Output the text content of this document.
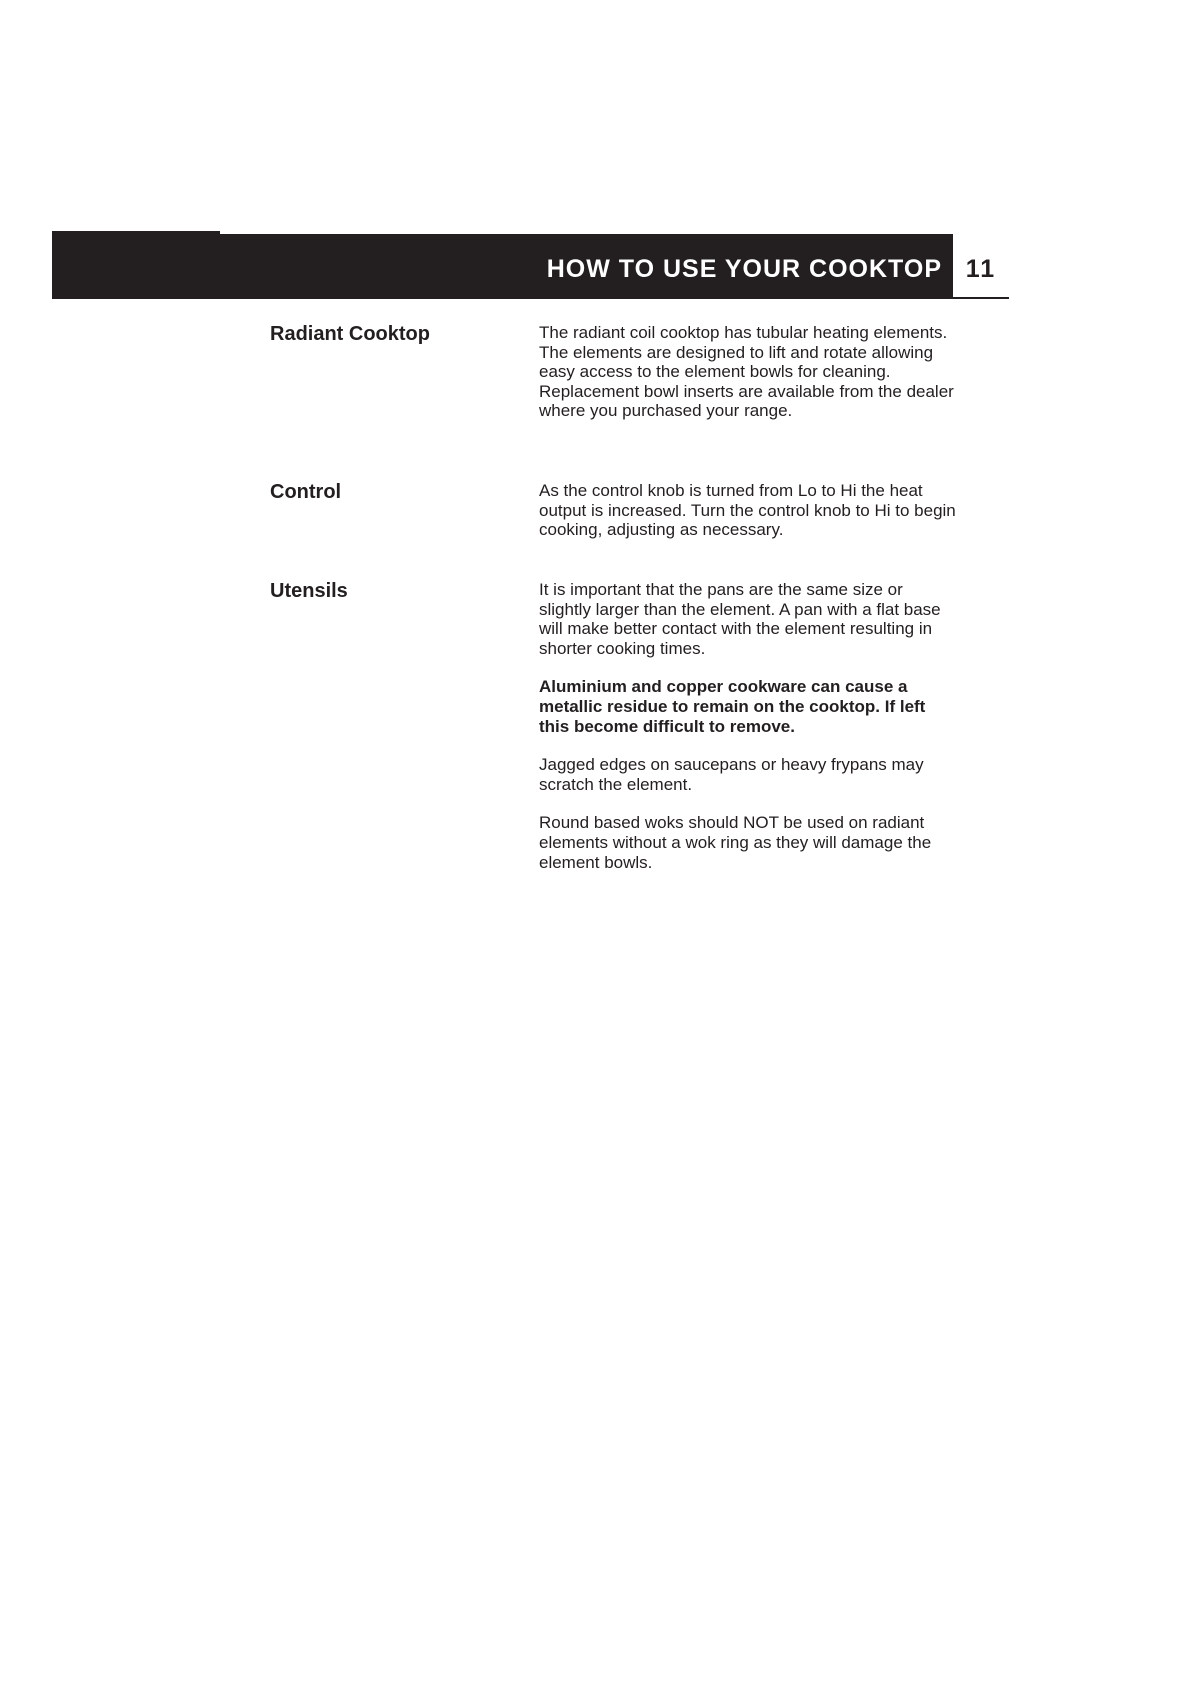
HOW TO USE YOUR COOKTOP 11
Radiant Cooktop	The radiant coil cooktop has tubular heating elements. The elements are designed to lift and rotate allowing easy access to the element bowls for cleaning. Replacement bowl inserts are available from the dealer where you purchased your range.

Control	As the control knob is turned from Lo to Hi the heat output is increased. Turn the control knob to Hi to begin cooking, adjusting as necessary.

Utensils	It is important that the pans are the same size or slightly larger than the element. A pan with a flat base will make better contact with the element resulting in shorter cooking times.

Aluminium and copper cookware can cause a metallic residue to remain on the cooktop. If left this become difficult to remove.

Jagged edges on saucepans or heavy frypans may scratch the element.

Round based woks should NOT be used on radiant elements without a wok ring as they will damage the element bowls.
